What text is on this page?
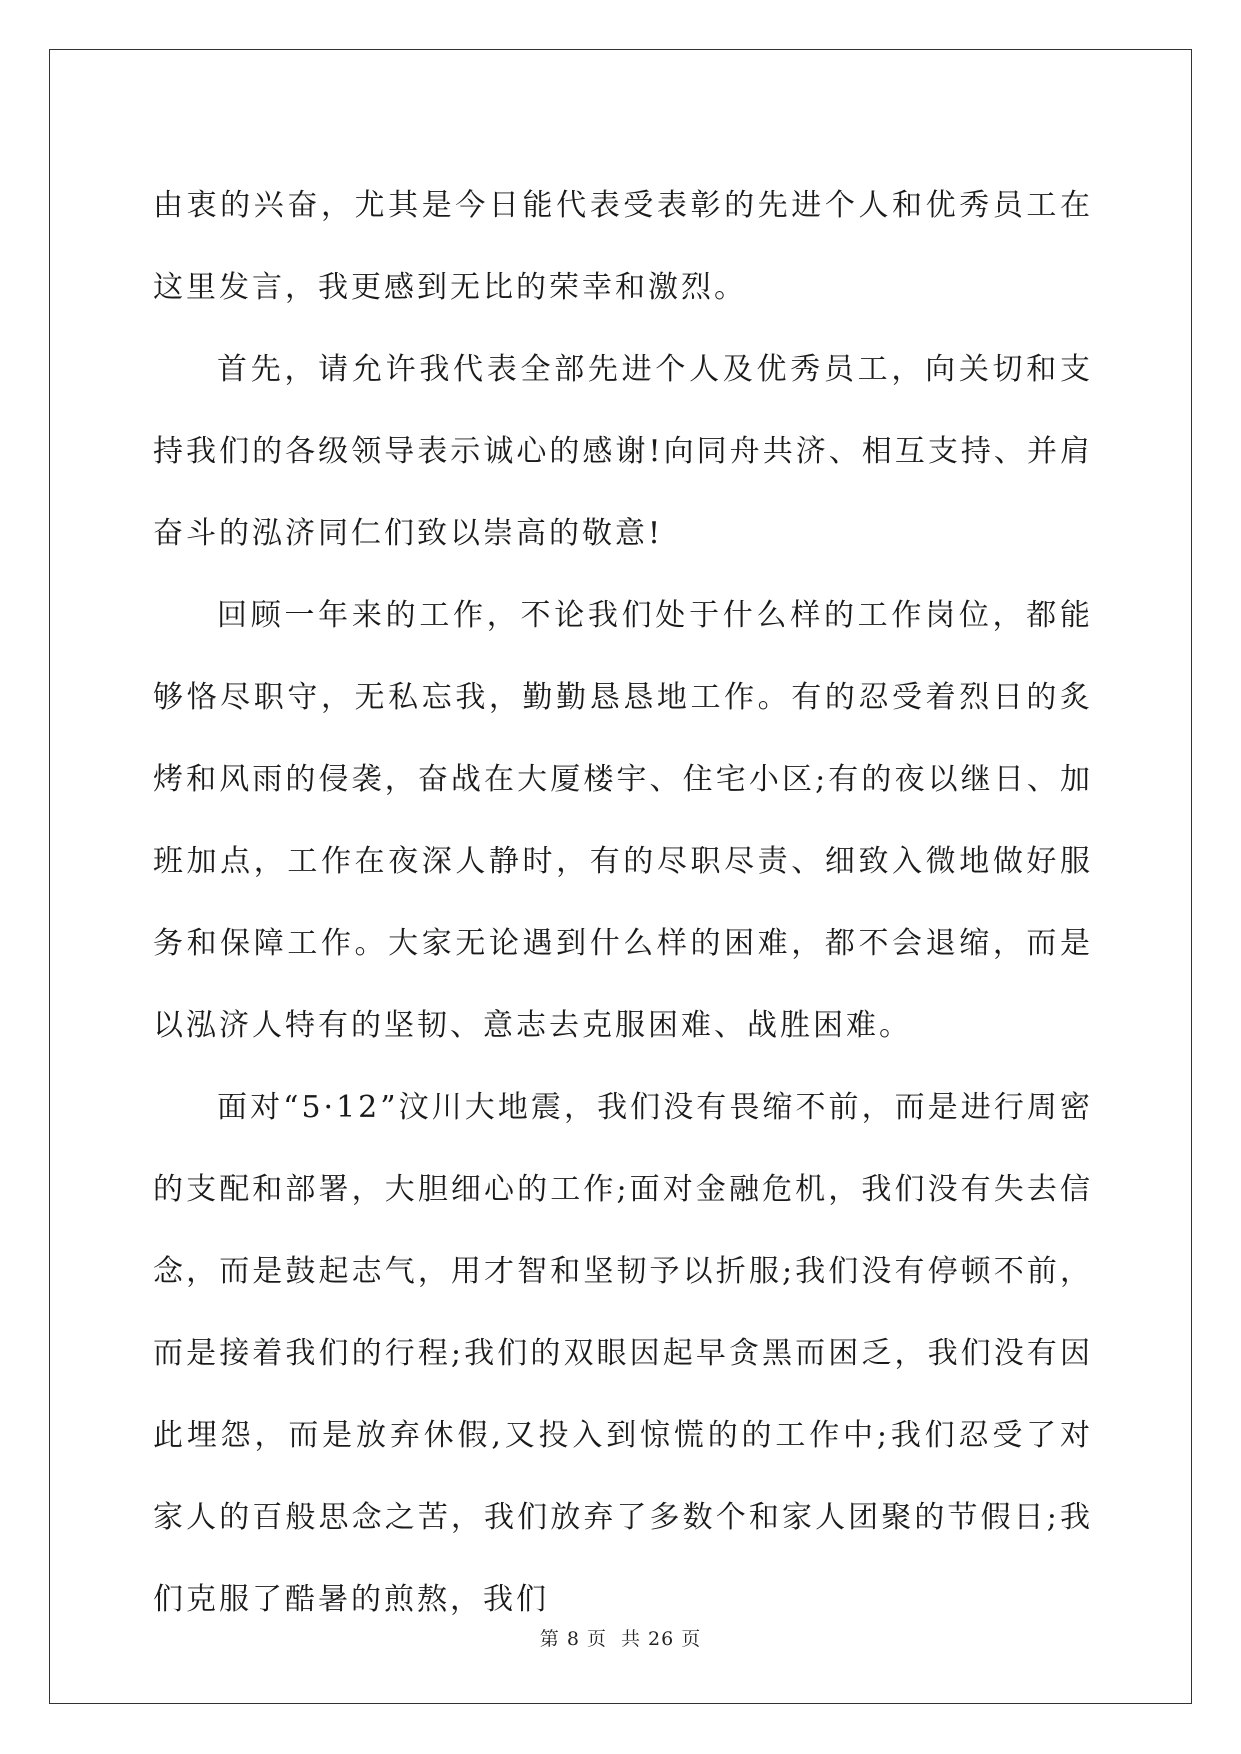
由衷的兴奋，尤其是今日能代表受表彰的先进个人和优秀员工在这里发言，我更感到无比的荣幸和激烈。

首先，请允许我代表全部先进个人及优秀员工，向关切和支持我们的各级领导表示诚心的感谢!向同舟共济、相互支持、并肩奋斗的泓济同仁们致以崇高的敬意!

回顾一年来的工作，不论我们处于什么样的工作岗位，都能够恪尽职守，无私忘我，勤勤恳恳地工作。有的忍受着烈日的炙烤和风雨的侵袭，奋战在大厦楼宇、住宅小区;有的夜以继日、加班加点，工作在夜深人静时，有的尽职尽责、细致入微地做好服务和保障工作。大家无论遇到什么样的困难，都不会退缩，而是以泓济人特有的坚韧、意志去克服困难、战胜困难。

面对“5·12”汶川大地震，我们没有畏缩不前，而是进行周密的支配和部署，大胆细心的工作;面对金融危机，我们没有失去信念，而是鼓起志气，用才智和坚韧予以折服;我们没有停顿不前，而是接着我们的行程;我们的双眼因起早贪黑而困乏，我们没有因此埋怨，而是放弃休假,又投入到惊慌的的工作中;我们忍受了对家人的百般思念之苦，我们放弃了多数个和家人团聚的节假日;我们克服了酷暑的煎熬，我们

第 8 页 共 26 页
